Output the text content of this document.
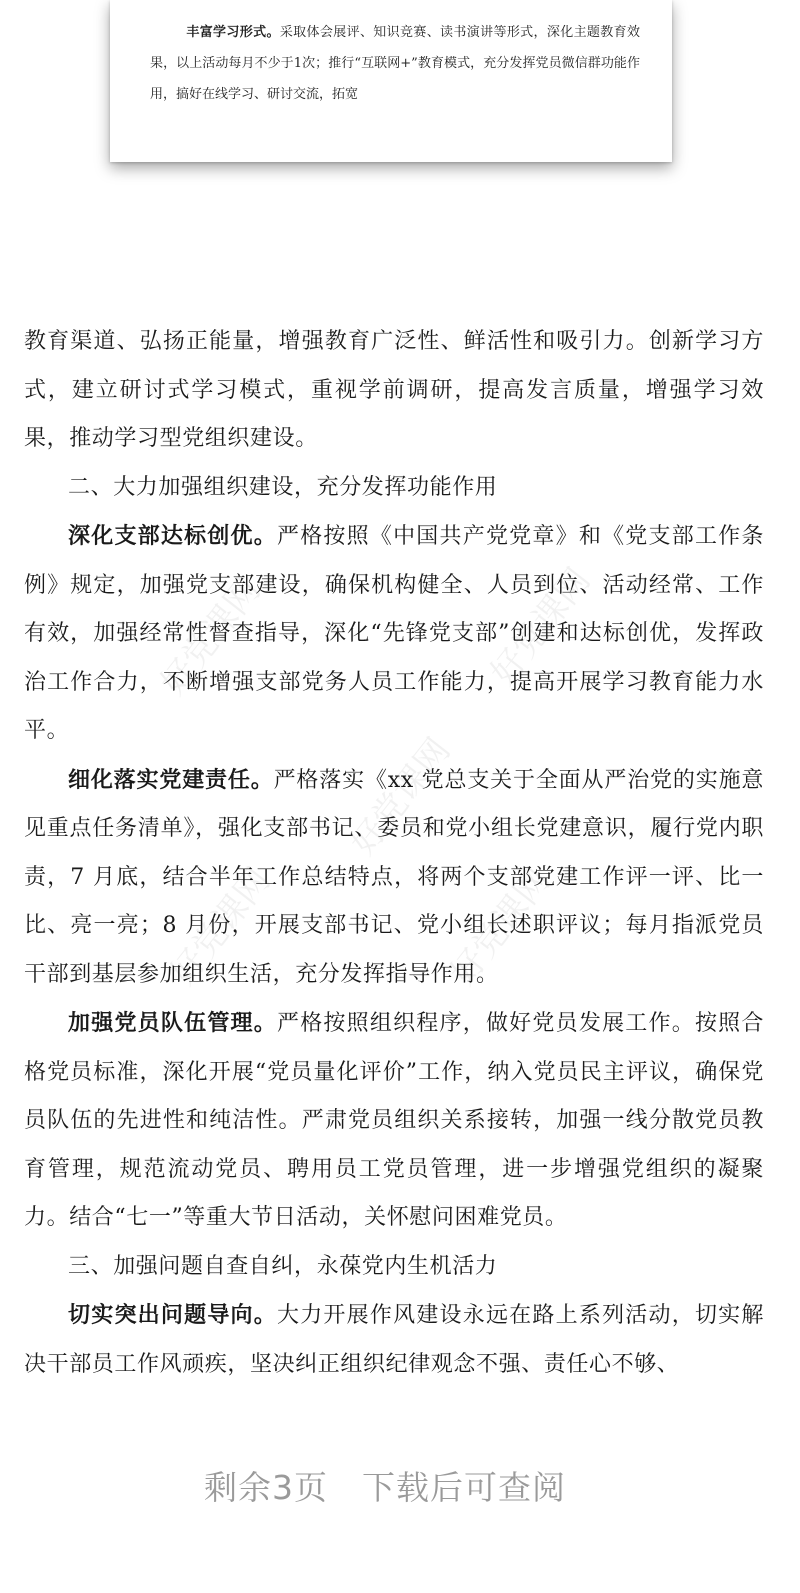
丰富学习形式。采取体会展评、知识竞赛、读书演讲等形式，深化主题教育效果，以上活动每月不少于1次；推行“互联网+”教育模式，充分发挥党员微信群功能作用，搞好在线学习、研讨交流，拓宽

好党课网	好党课网
好党课网
好党课网	好党课网

教育渠道、弘扬正能量，增强教育广泛性、鲜活性和吸引力。创新学习方式，建立研讨式学习模式，重视学前调研，提高发言质量，增强学习效果，推动学习型党组织建设。

二、大力加强组织建设，充分发挥功能作用

深化支部达标创优。严格按照《中国共产党党章》和《党支部工作条例》规定，加强党支部建设，确保机构健全、人员到位、活动经常、工作有效，加强经常性督查指导，深化“先锋党支部”创建和达标创优，发挥政治工作合力，不断增强支部党务人员工作能力，提高开展学习教育能力水平。

细化落实党建责任。严格落实《xx 党总支关于全面从严治党的实施意见重点任务清单》，强化支部书记、委员和党小组长党建意识，履行党内职责，7 月底，结合半年工作总结特点，将两个支部党建工作评一评、比一比、亮一亮；8 月份，开展支部书记、党小组长述职评议；每月指派党员干部到基层参加组织生活，充分发挥指导作用。

加强党员队伍管理。严格按照组织程序，做好党员发展工作。按照合格党员标准，深化开展“党员量化评价”工作，纳入党员民主评议，确保党员队伍的先进性和纯洁性。严肃党员组织关系接转，加强一线分散党员教育管理，规范流动党员、聘用员工党员管理，进一步增强党组织的凝聚力。结合“七一”等重大节日活动，关怀慰问困难党员。

三、加强问题自查自纠，永葆党内生机活力

切实突出问题导向。大力开展作风建设永远在路上系列活动，切实解决干部员工作风顽疾，坚决纠正组织纪律观念不强、责任心不够、

剩余3页 下载后可查阅
